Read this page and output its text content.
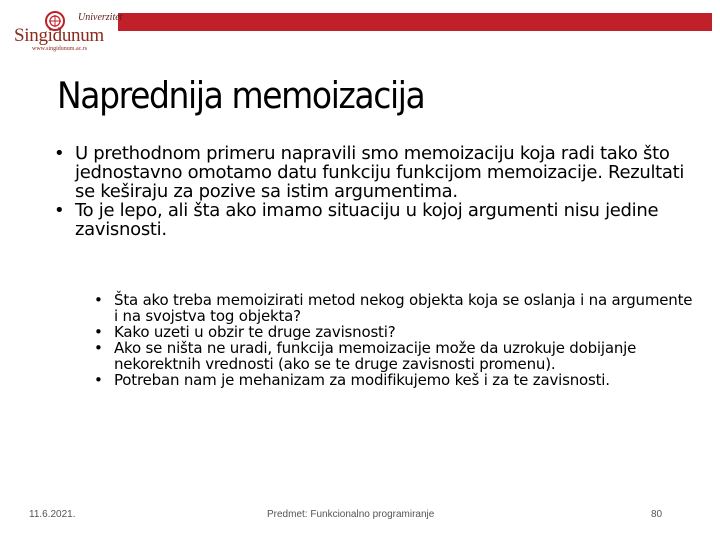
Univerzitet
Singidunum
www.singidunum.ac.rs
Naprednija memoizacija
• U prethodnom primeru napravili smo memoizaciju koja radi tako što jednostavno omotamo datu funkciju funkcijom memoizacije. Rezultati se keširaju za pozive sa istim argumentima.
• To je lepo, ali šta ako imamo situaciju u kojoj argumenti nisu jedine zavisnosti.
• Šta ako treba memoizirati metod nekog objekta koja se oslanja i na argumente i na svojstva tog objekta?
• Kako uzeti u obzir te druge zavisnosti?
• Ako se ništa ne uradi, funkcija memoizacije može da uzrokuje dobijanje nekorektnih vrednosti (ako se te druge zavisnosti promenu).
• Potreban nam je mehanizam za modifikujemo keš i za te zavisnosti.
11.6.2021.	Predmet: Funkcionalno programiranje	80
